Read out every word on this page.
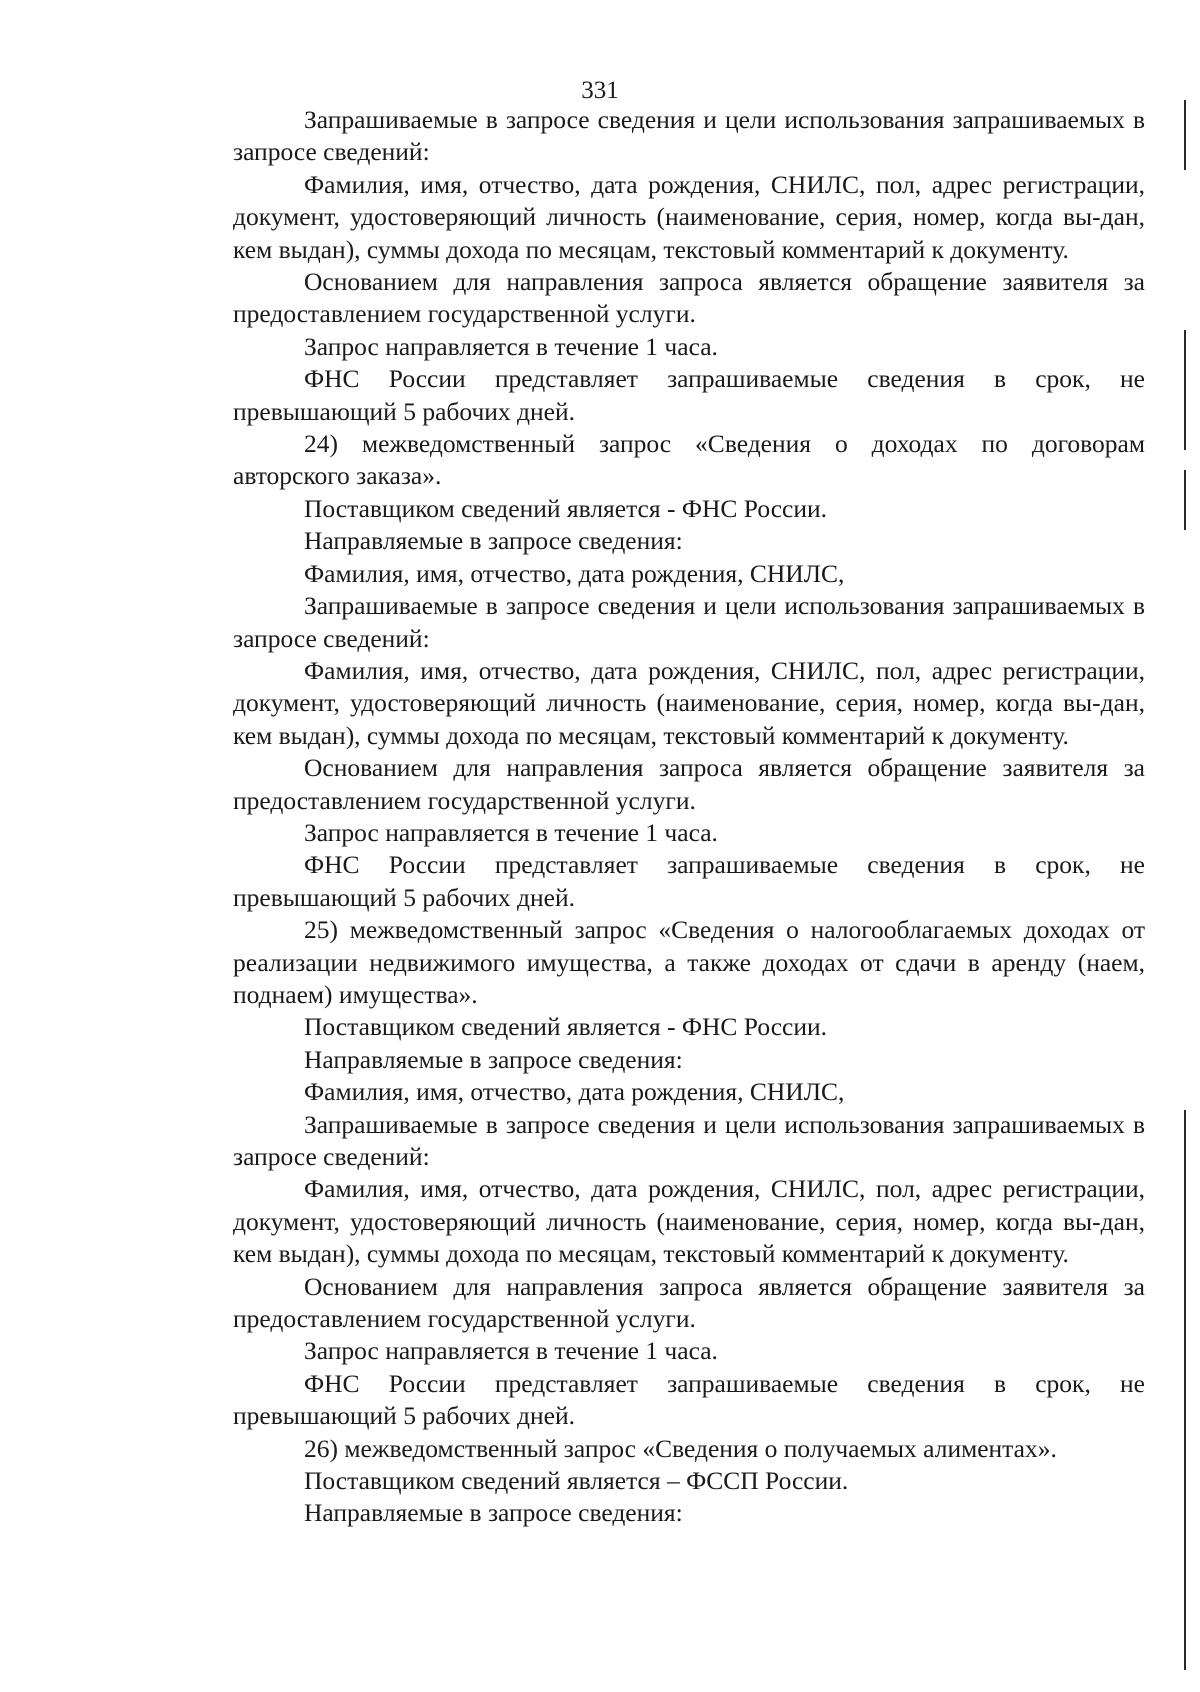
331

Запрашиваемые в запросе сведения и цели использования запрашиваемых в запросе сведений:

Фамилия, имя, отчество, дата рождения, СНИЛС, пол, адрес регистрации, документ, удостоверяющий личность (наименование, серия, номер, когда вы-дан, кем выдан), суммы дохода по месяцам, текстовый комментарий к документу.

Основанием для направления запроса является обращение заявителя за предоставлением государственной услуги.

Запрос направляется в течение 1 часа.

ФНС России представляет запрашиваемые сведения в срок, не превышающий 5 рабочих дней.

24) межведомственный запрос «Сведения о доходах по договорам авторского заказа».

Поставщиком сведений является - ФНС России.

Направляемые в запросе сведения:

Фамилия, имя, отчество, дата рождения, СНИЛС,

Запрашиваемые в запросе сведения и цели использования запрашиваемых в запросе сведений:

Фамилия, имя, отчество, дата рождения, СНИЛС, пол, адрес регистрации, документ, удостоверяющий личность (наименование, серия, номер, когда вы-дан, кем выдан), суммы дохода по месяцам, текстовый комментарий к документу.

Основанием для направления запроса является обращение заявителя за предоставлением государственной услуги.

Запрос направляется в течение 1 часа.

ФНС России представляет запрашиваемые сведения в срок, не превышающий 5 рабочих дней.

25) межведомственный запрос «Сведения о налогооблагаемых доходах от реализации недвижимого имущества, а также доходах от сдачи в аренду (наем, поднаем) имущества».

Поставщиком сведений является - ФНС России.

Направляемые в запросе сведения:

Фамилия, имя, отчество, дата рождения, СНИЛС,

Запрашиваемые в запросе сведения и цели использования запрашиваемых в запросе сведений:

Фамилия, имя, отчество, дата рождения, СНИЛС, пол, адрес регистрации, документ, удостоверяющий личность (наименование, серия, номер, когда вы-дан, кем выдан), суммы дохода по месяцам, текстовый комментарий к документу.

Основанием для направления запроса является обращение заявителя за предоставлением государственной услуги.

Запрос направляется в течение 1 часа.

ФНС России представляет запрашиваемые сведения в срок, не превышающий 5 рабочих дней.

26) межведомственный запрос «Сведения о получаемых алиментах».

Поставщиком сведений является – ФССП России.

Направляемые в запросе сведения:
